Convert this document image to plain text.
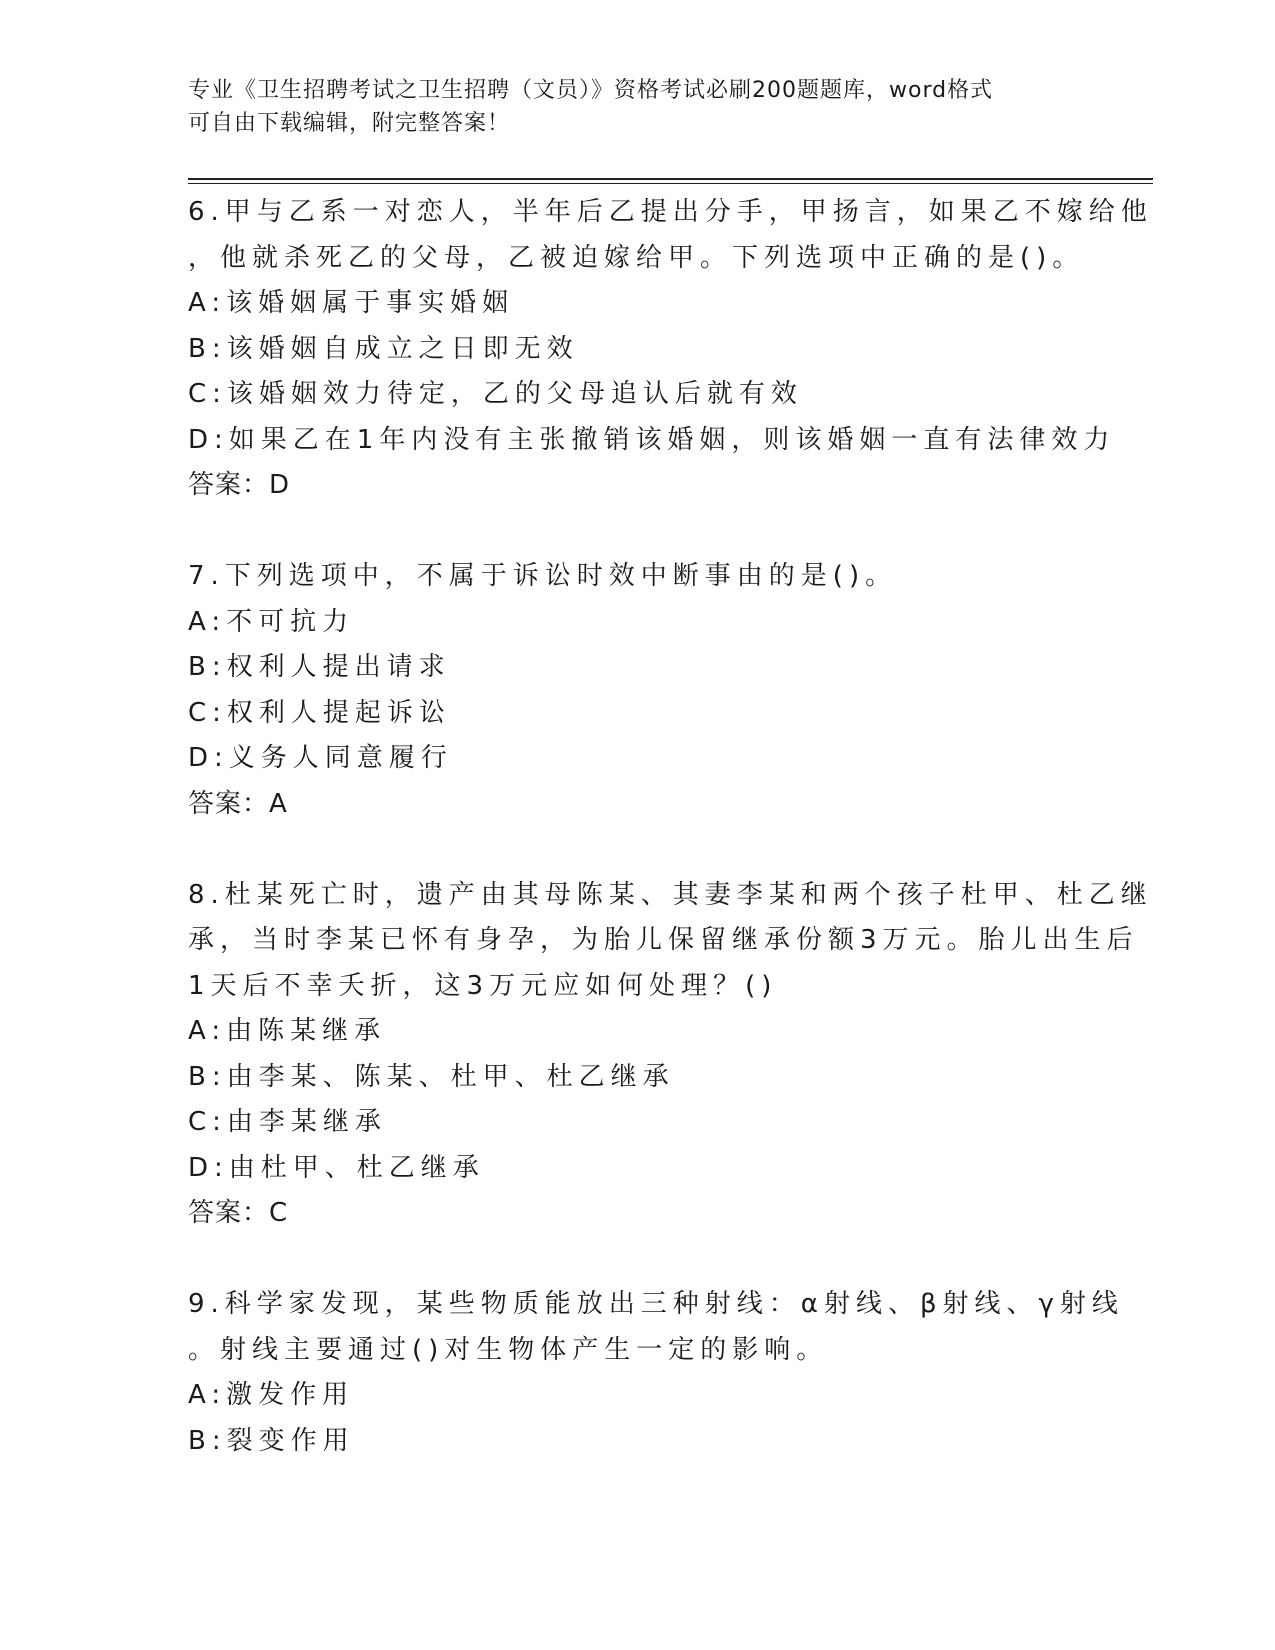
专业《卫生招聘考试之卫生招聘（文员）》资格考试必刷200题题库，word格式
可自由下载编辑，附完整答案！
6.甲与乙系一对恋人，半年后乙提出分手，甲扬言，如果乙不嫁给他
，他就杀死乙的父母，乙被迫嫁给甲。下列选项中正确的是()。
A:该婚姻属于事实婚姻
B:该婚姻自成立之日即无效
C:该婚姻效力待定，乙的父母追认后就有效
D:如果乙在1年内没有主张撤销该婚姻，则该婚姻一直有法律效力
答案：D
7.下列选项中，不属于诉讼时效中断事由的是()。
A:不可抗力
B:权利人提出请求
C:权利人提起诉讼
D:义务人同意履行
答案：A
8.杜某死亡时，遗产由其母陈某、其妻李某和两个孩子杜甲、杜乙继
承，当时李某已怀有身孕，为胎儿保留继承份额3万元。胎儿出生后
1天后不幸夭折，这3万元应如何处理？()
A:由陈某继承
B:由李某、陈某、杜甲、杜乙继承
C:由李某继承
D:由杜甲、杜乙继承
答案：C
9.科学家发现，某些物质能放出三种射线：α射线、β射线、γ射线
。射线主要通过()对生物体产生一定的影响。
A:激发作用
B:裂变作用
